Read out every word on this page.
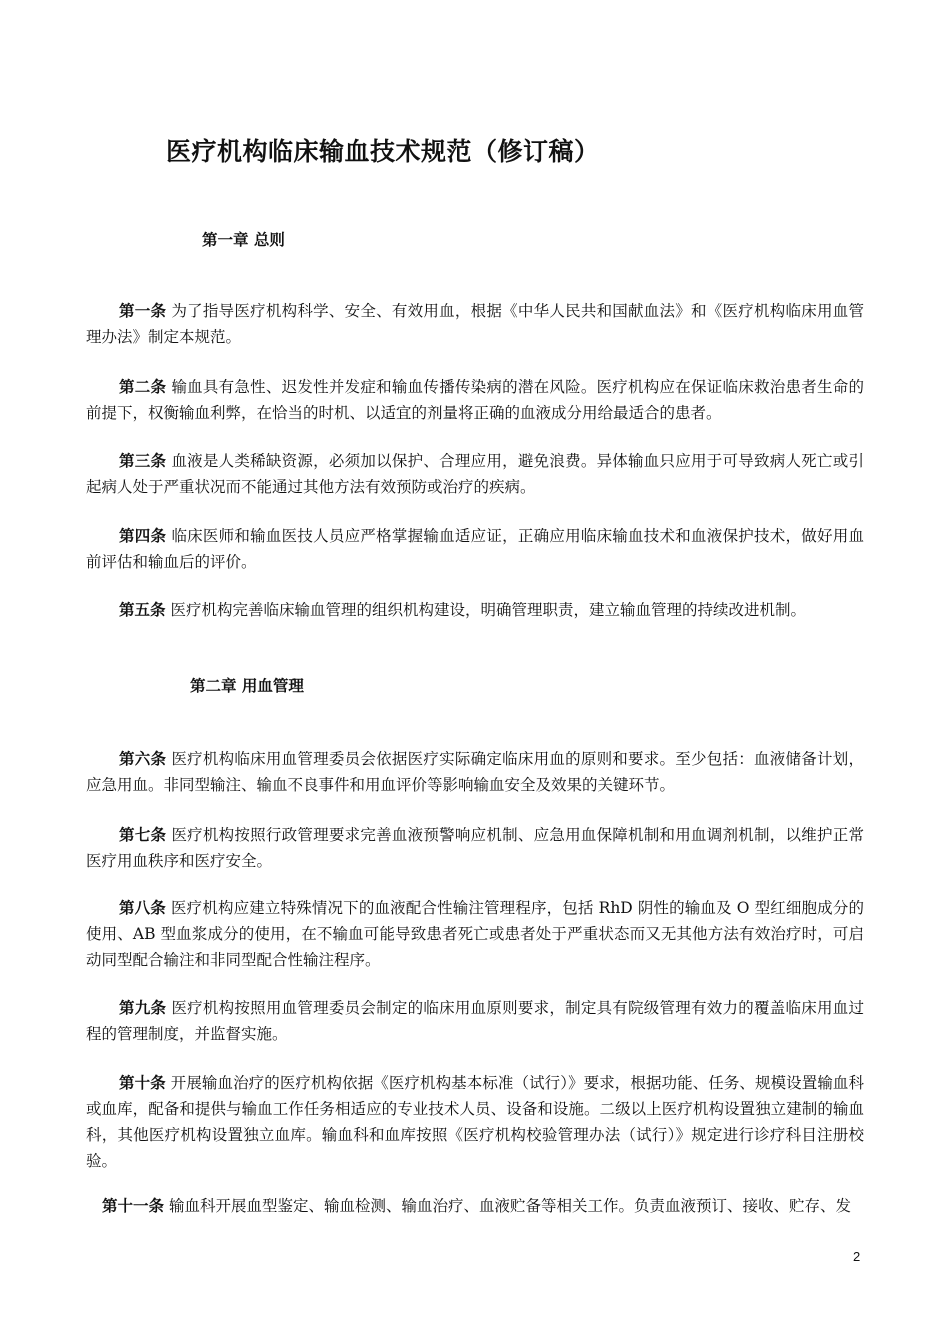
医疗机构临床输血技术规范（修订稿）
第一章 总则
第一条 为了指导医疗机构科学、安全、有效用血，根据《中华人民共和国献血法》和《医疗机构临床用血管理办法》制定本规范。
第二条 输血具有急性、迟发性并发症和输血传播传染病的潜在风险。医疗机构应在保证临床救治患者生命的前提下，权衡输血利弊，在恰当的时机、以适宜的剂量将正确的血液成分用给最适合的患者。
第三条 血液是人类稀缺资源，必须加以保护、合理应用，避免浪费。异体输血只应用于可导致病人死亡或引起病人处于严重状况而不能通过其他方法有效预防或治疗的疾病。
第四条 临床医师和输血医技人员应严格掌握输血适应证，正确应用临床输血技术和血液保护技术，做好用血前评估和输血后的评价。
第五条 医疗机构完善临床输血管理的组织机构建设，明确管理职责，建立输血管理的持续改进机制。
第二章 用血管理
第六条 医疗机构临床用血管理委员会依据医疗实际确定临床用血的原则和要求。至少包括：血液储备计划，应急用血。非同型输注、输血不良事件和用血评价等影响输血安全及效果的关键环节。
第七条 医疗机构按照行政管理要求完善血液预警响应机制、应急用血保障机制和用血调剂机制，以维护正常医疗用血秩序和医疗安全。
第八条 医疗机构应建立特殊情况下的血液配合性输注管理程序，包括 RhD 阴性的输血及 O 型红细胞成分的使用、AB 型血浆成分的使用，在不输血可能导致患者死亡或患者处于严重状态而又无其他方法有效治疗时，可启动同型配合输注和非同型配合性输注程序。
第九条 医疗机构按照用血管理委员会制定的临床用血原则要求，制定具有院级管理有效力的覆盖临床用血过程的管理制度，并监督实施。
第十条 开展输血治疗的医疗机构依据《医疗机构基本标准（试行）》要求，根据功能、任务、规模设置输血科或血库，配备和提供与输血工作任务相适应的专业技术人员、设备和设施。二级以上医疗机构设置独立建制的输血科，其他医疗机构设置独立血库。输血科和血库按照《医疗机构校验管理办法（试行）》规定进行诊疗科目注册校验。
第十一条 输血科开展血型鉴定、输血检测、输血治疗、血液贮备等相关工作。负责血液预订、接收、贮存、发
2
